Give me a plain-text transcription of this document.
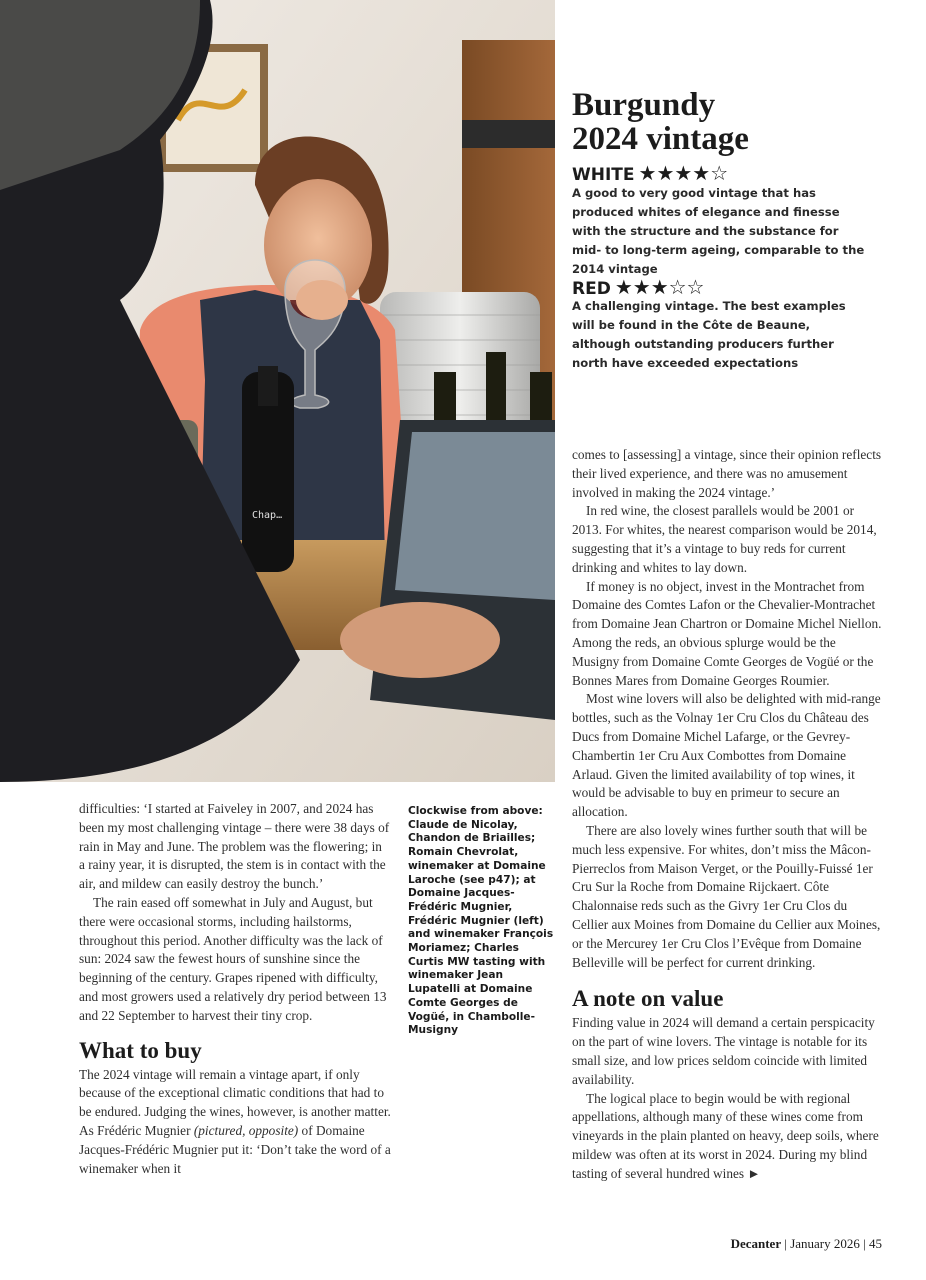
Chap…
Burgundy
2024 vintage
WHITE ★★★★☆
A good to very good vintage that has produced whites of elegance and finesse with the structure and the substance for mid- to long-term ageing, comparable to the 2014 vintage
RED ★★★☆☆
A challenging vintage. The best examples will be found in the Côte de Beaune, although outstanding producers further north have exceeded expectations

difficulties: ‘I started at Faiveley in 2007, and 2024 has been my most challenging vintage – there were 38 days of rain in May and June. The problem was the flowering; in a rainy year, it is disrupted, the stem is in contact with the air, and mildew can easily destroy the bunch.’

The rain eased off somewhat in July and August, but there were occasional storms, including hailstorms, throughout this period. Another difficulty was the lack of sun: 2024 saw the fewest hours of sunshine since the beginning of the century. Grapes ripened with difficulty, and most growers used a relatively dry period between 13 and 22 September to harvest their tiny crop.

What to buy

The 2024 vintage will remain a vintage apart, if only because of the exceptional climatic conditions that had to be endured. Judging the wines, however, is another matter. As Frédéric Mugnier (pictured, opposite) of Domaine Jacques-Frédéric Mugnier put it: ‘Don’t take the word of a winemaker when it

Clockwise from above: Claude de Nicolay, Chandon de Briailles; Romain Chevrolat, winemaker at Domaine Laroche (see p47); at Domaine Jacques-Frédéric Mugnier, Frédéric Mugnier (left) and winemaker François Moriamez; Charles Curtis MW tasting with winemaker Jean Lupatelli at Domaine Comte Georges de Vogüé, in Chambolle-Musigny

comes to [assessing] a vintage, since their opinion reflects their lived experience, and there was no amusement involved in making the 2024 vintage.’

In red wine, the closest parallels would be 2001 or 2013. For whites, the nearest comparison would be 2014, suggesting that it’s a vintage to buy reds for current drinking and whites to lay down.

If money is no object, invest in the Montrachet from Domaine des Comtes Lafon or the Chevalier-Montrachet from Domaine Jean Chartron or Domaine Michel Niellon. Among the reds, an obvious splurge would be the Musigny from Domaine Comte Georges de Vogüé or the Bonnes Mares from Domaine Georges Roumier.

Most wine lovers will also be delighted with mid-range bottles, such as the Volnay 1er Cru Clos du Château des Ducs from Domaine Michel Lafarge, or the Gevrey-Chambertin 1er Cru Aux Combottes from Domaine Arlaud. Given the limited availability of top wines, it would be advisable to buy en primeur to secure an allocation.

There are also lovely wines further south that will be much less expensive. For whites, don’t miss the Mâcon-Pierreclos from Maison Verget, or the Pouilly-Fuissé 1er Cru Sur la Roche from Domaine Rijckaert. Côte Chalonnaise reds such as the Givry 1er Cru Clos du Cellier aux Moines from Domaine du Cellier aux Moines, or the Mercurey 1er Cru Clos l’Evêque from Domaine Belleville will be perfect for current drinking.

A note on value

Finding value in 2024 will demand a certain perspicacity on the part of wine lovers. The vintage is notable for its small size, and low prices seldom coincide with limited availability.

The logical place to begin would be with regional appellations, although many of these wines come from vineyards in the plain planted on heavy, deep soils, where mildew was often at its worst in 2024. During my blind tasting of several hundred wines ►

Decanter | January 2026 | 45
